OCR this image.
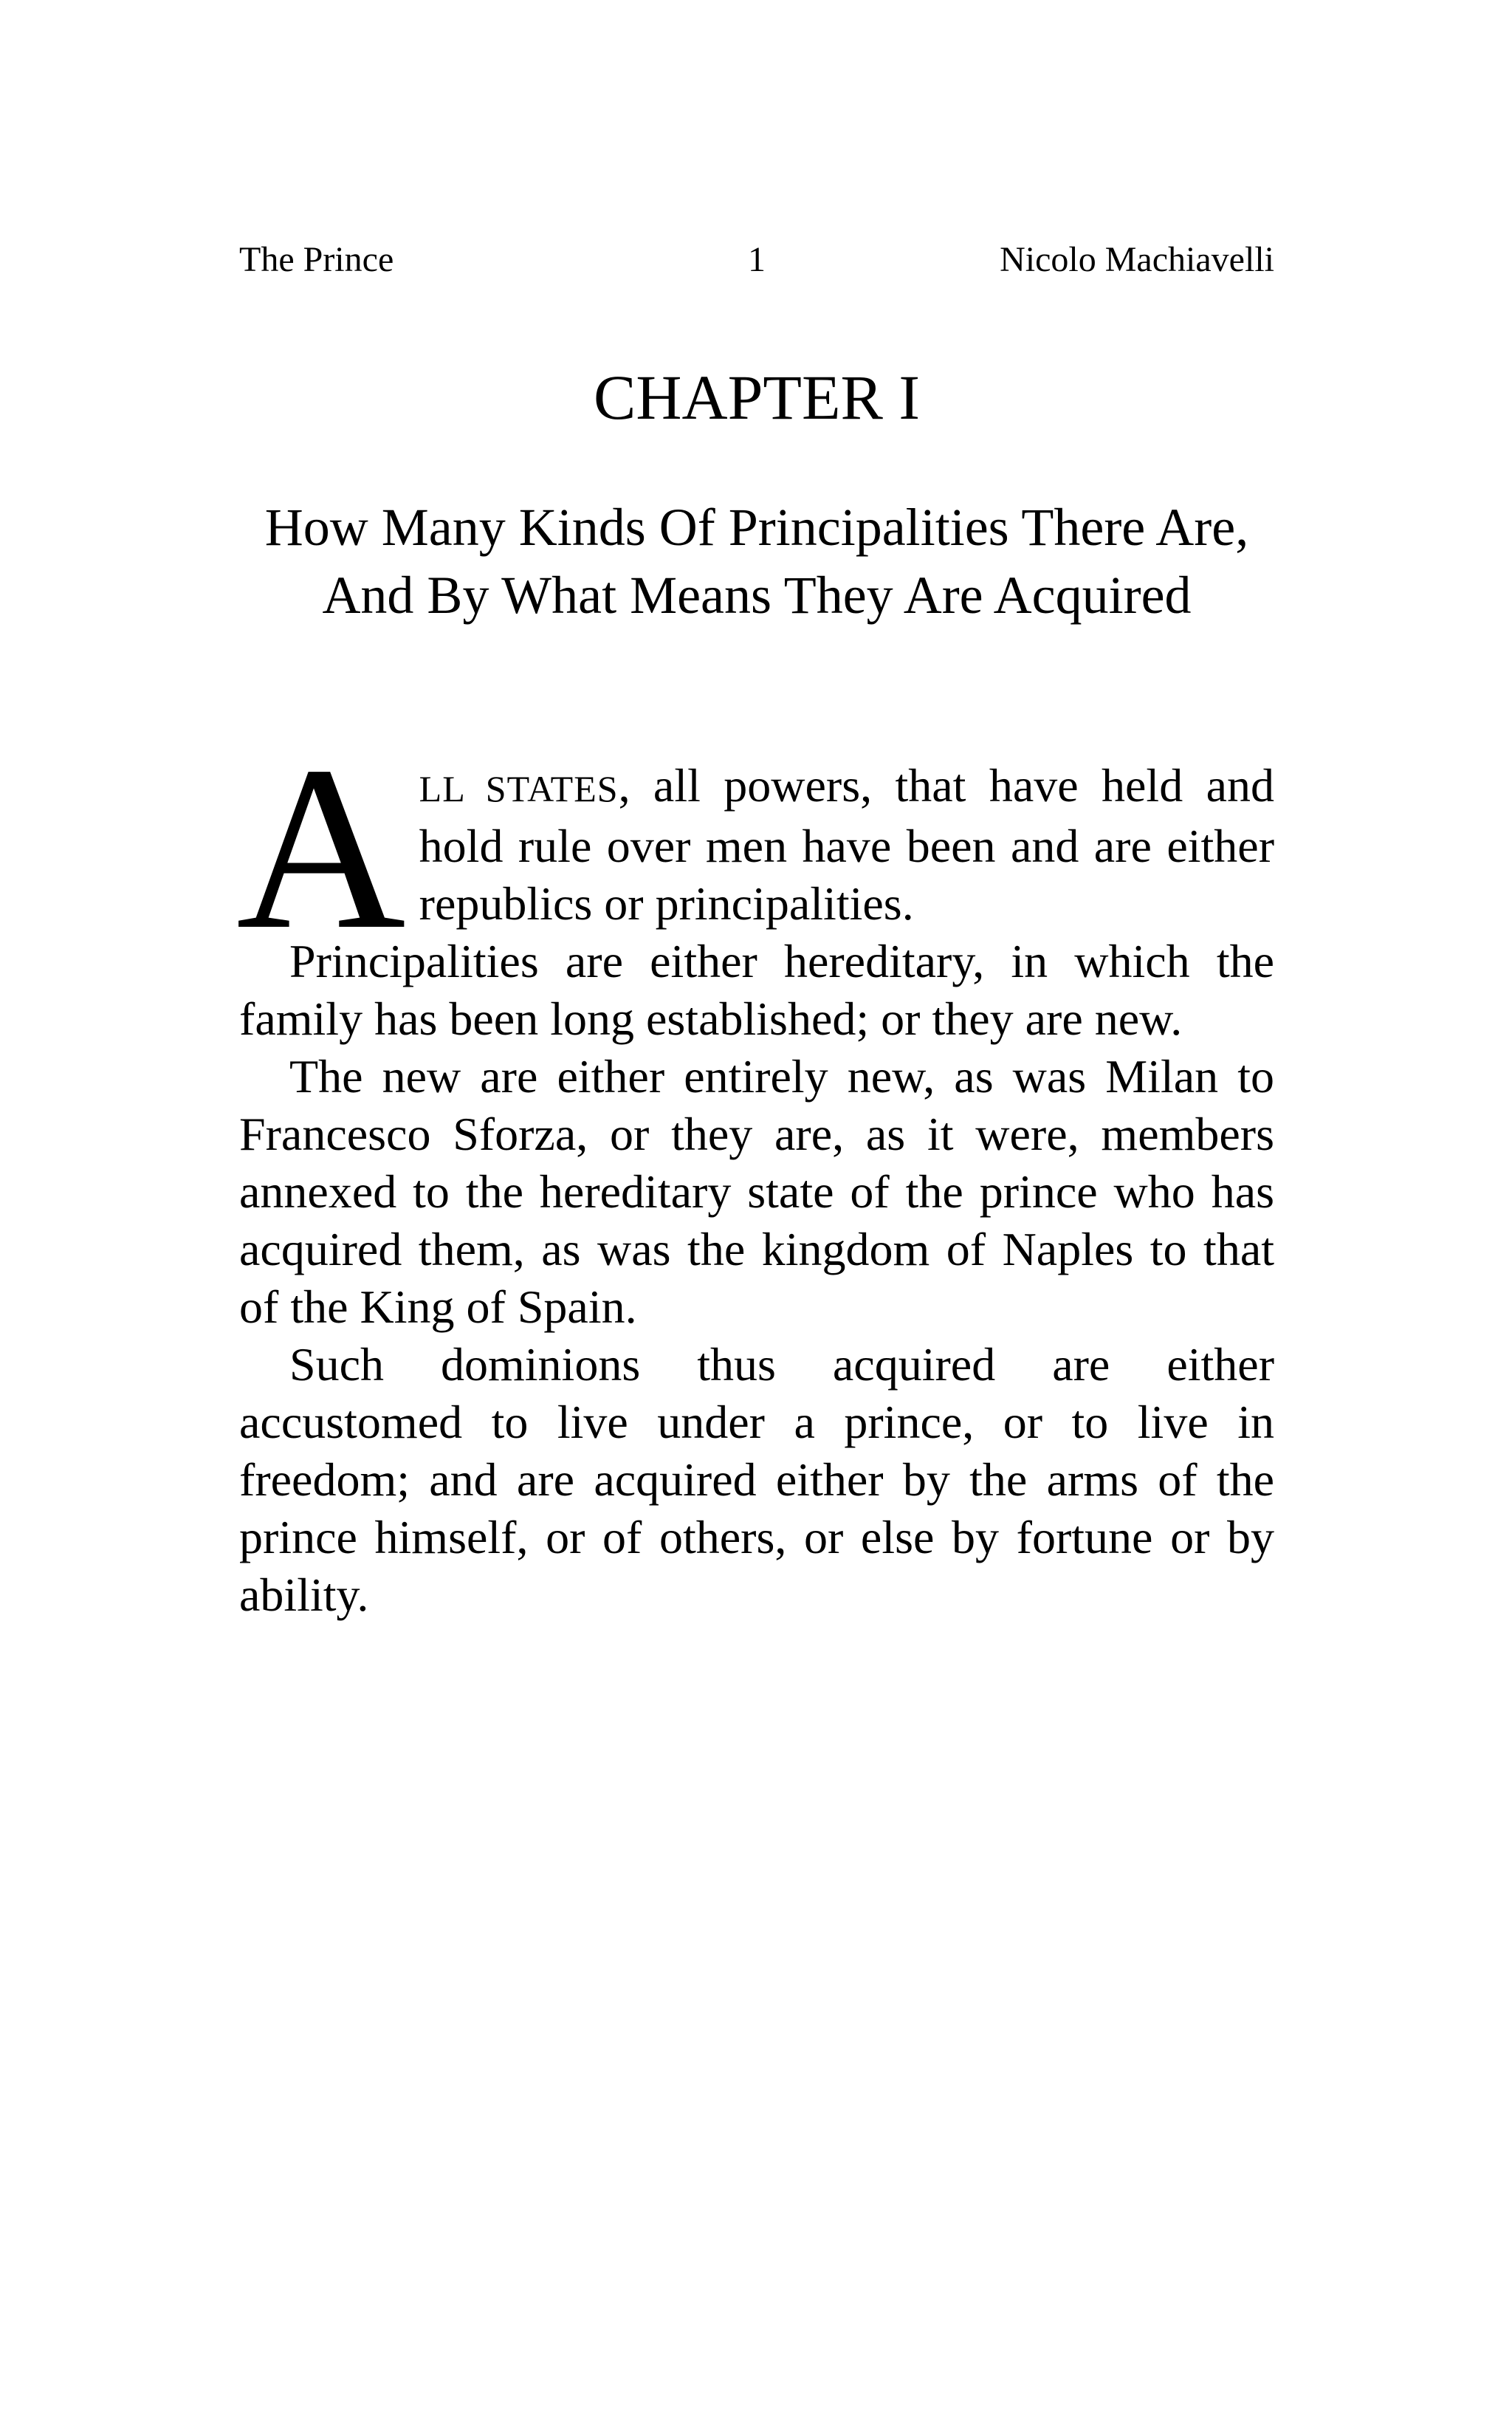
The Prince	1	Nicolo Machiavelli
CHAPTER I
How Many Kinds Of Principalities There Are, And By What Means They Are Acquired

ALL STATES, all powers, that have held and hold rule over men have been and are either republics or principalities.

Principalities are either hereditary, in which the family has been long established; or they are new.

The new are either entirely new, as was Milan to Francesco Sforza, or they are, as it were, members annexed to the hereditary state of the prince who has acquired them, as was the kingdom of Naples to that of the King of Spain.

Such dominions thus acquired are either accustomed to live under a prince, or to live in freedom; and are acquired either by the arms of the prince himself, or of others, or else by fortune or by ability.
